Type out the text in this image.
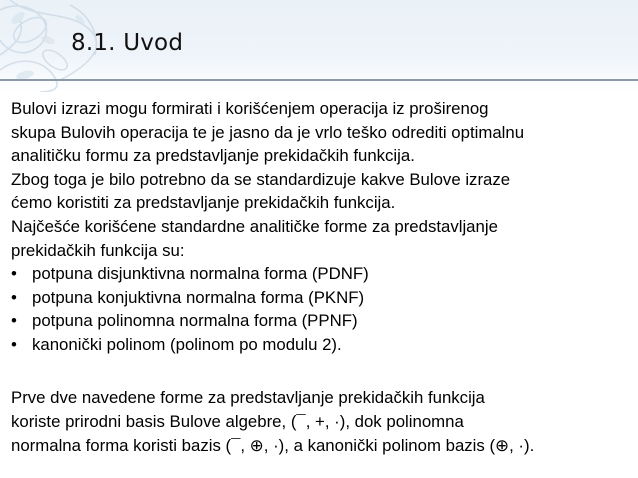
8.1. Uvod
Bulovi izrazi mogu formirati i korišćenjem operacija iz proširenog
skupa Bulovih operacija te je jasno da je vrlo teško odrediti optimalnu
analitičku formu za predstavljanje prekidačkih funkcija.
Zbog toga je bilo potrebno da se standardizuje kakve Bulove izraze
ćemo koristiti za predstavljanje prekidačkih funkcija.
Najčešće korišćene standardne analitičke forme za predstavljanje
prekidačkih funkcija su:
• potpuna disjunktivna normalna forma (PDNF)
• potpuna konjuktivna normalna forma (PKNF)
• potpuna polinomna normalna forma (PPNF)
• kanonički polinom (polinom po modulu 2).
Prve dve navedene forme za predstavljanje prekidačkih funkcija
koriste prirodni basis Bulove algebre, (¯, +, ·), dok polinomna
normalna forma koristi bazis (¯, ⊕, ·), a kanonički polinom bazis (⊕, ·).
